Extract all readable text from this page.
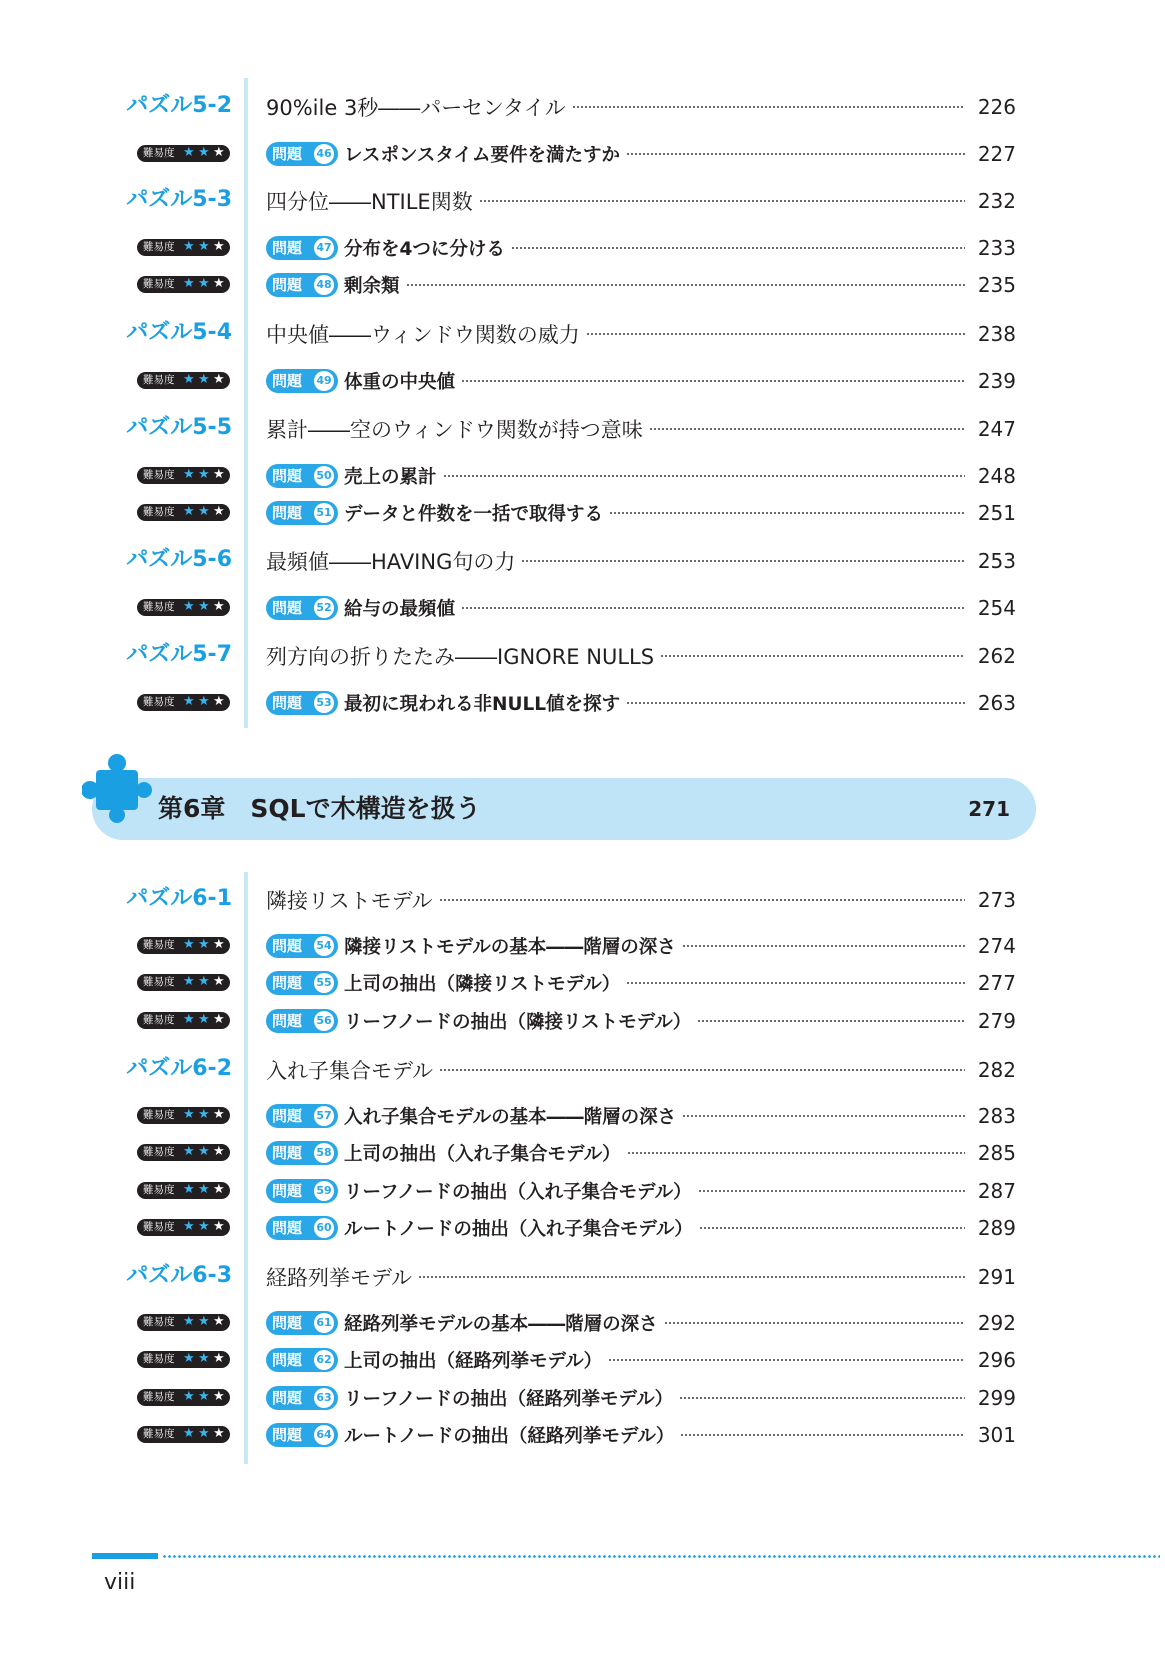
パズル5-2 90%ile 3秒――パーセンタイル	226
難易度 ★ ★ ★	問題 46 レスポンスタイム要件を満たすか	227
パズル5-3 四分位――NTILE関数	232
難易度 ★ ★ ★	問題 47 分布を4つに分ける	233
難易度 ★ ★ ★	問題 48 剰余類	235
パズル5-4 中央値――ウィンドウ関数の威力	238
難易度 ★ ★ ★	問題 49 体重の中央値	239
パズル5-5 累計――空のウィンドウ関数が持つ意味	247
難易度 ★ ★ ★	問題 50 売上の累計	248
難易度 ★ ★ ★	問題 51 データと件数を一括で取得する	251
パズル5-6 最頻値――HAVING句の力	253
難易度 ★ ★ ★	問題 52 給与の最頻値	254
パズル5-7 列方向の折りたたみ――IGNORE NULLS	262
難易度 ★ ★ ★	問題 53 最初に現われる非NULL値を探す	263
パズル6-1 隣接リストモデル	273
難易度 ★ ★ ★	問題 54 隣接リストモデルの基本――階層の深さ	274
難易度 ★ ★ ★	問題 55 上司の抽出（隣接リストモデル）	277
難易度 ★ ★ ★	問題 56 リーフノードの抽出（隣接リストモデル）	279
パズル6-2 入れ子集合モデル	282
難易度 ★ ★ ★	問題 57 入れ子集合モデルの基本――階層の深さ	283
難易度 ★ ★ ★	問題 58 上司の抽出（入れ子集合モデル）	285
難易度 ★ ★ ★	問題 59 リーフノードの抽出（入れ子集合モデル）	287
難易度 ★ ★ ★	問題 60 ルートノードの抽出（入れ子集合モデル）	289
パズル6-3 経路列挙モデル	291
難易度 ★ ★ ★	問題 61 経路列挙モデルの基本――階層の深さ	292
難易度 ★ ★ ★	問題 62 上司の抽出（経路列挙モデル）	296
難易度 ★ ★ ★	問題 63 リーフノードの抽出（経路列挙モデル）	299
難易度 ★ ★ ★	問題 64 ルートノードの抽出（経路列挙モデル）	301
第6章　SQLで木構造を扱う	271
viii
